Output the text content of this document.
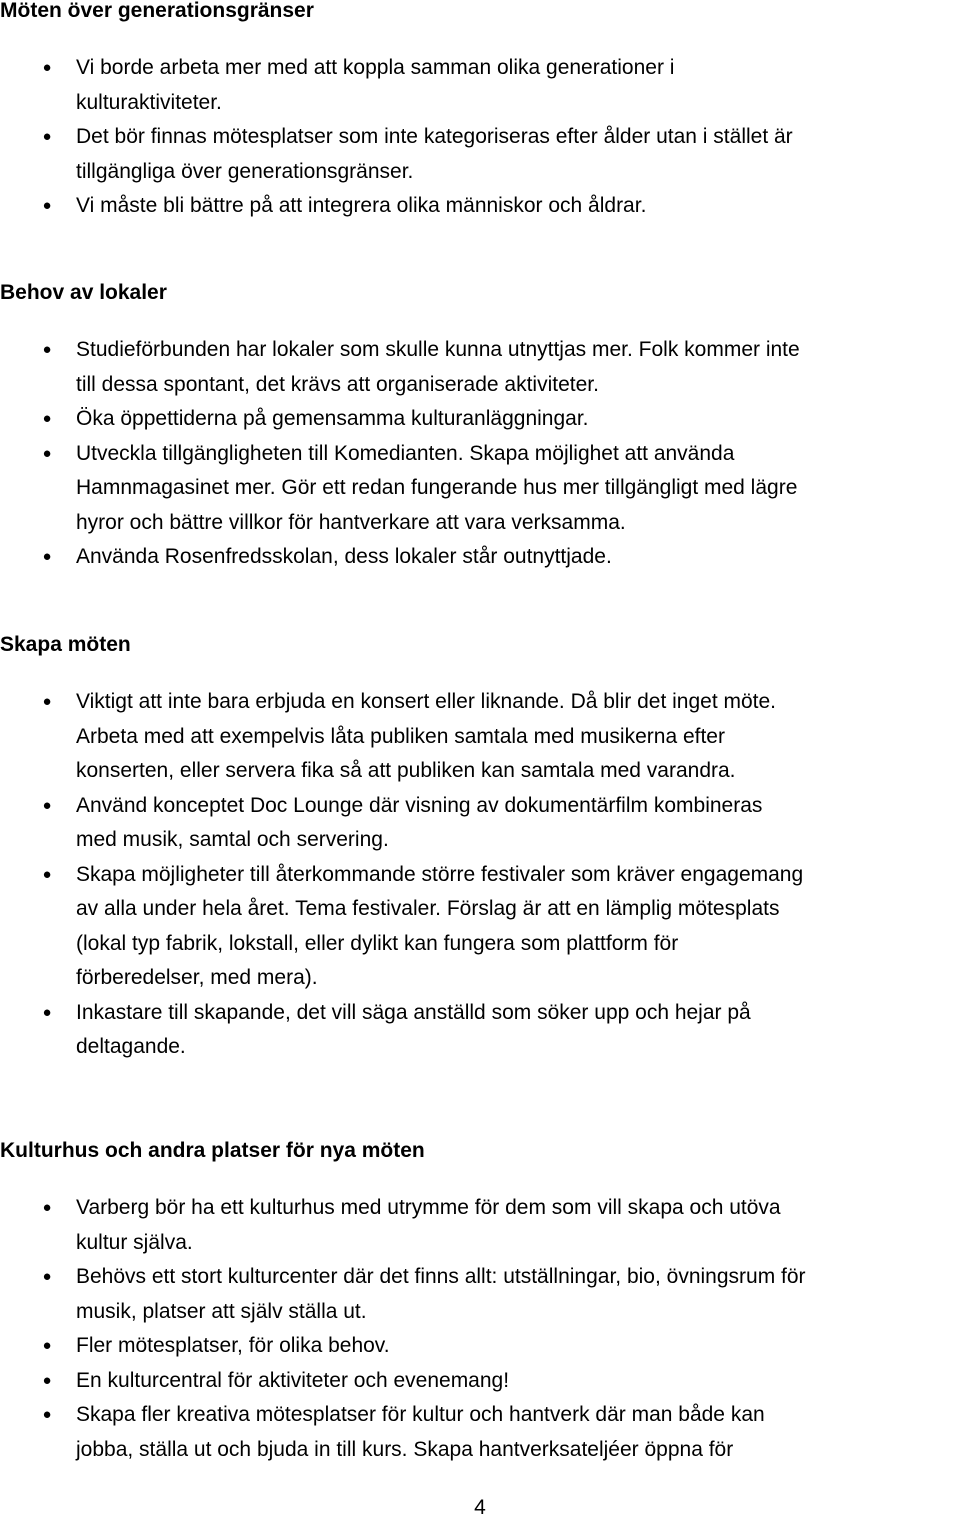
Möten över generationsgränser
● Vi borde arbeta mer med att koppla samman olika generationer i
kulturaktiviteter.
● Det bör finnas mötesplatser som inte kategoriseras efter ålder utan i stället är
tillgängliga över generationsgränser.
● Vi måste bli bättre på att integrera olika människor och åldrar.
Behov av lokaler
● Studieförbunden har lokaler som skulle kunna utnyttjas mer. Folk kommer inte
till dessa spontant, det krävs att organiserade aktiviteter.
● Öka öppettiderna på gemensamma kulturanläggningar.
● Utveckla tillgängligheten till Komedianten. Skapa möjlighet att använda
Hamnmagasinet mer. Gör ett redan fungerande hus mer tillgängligt med lägre
hyror och bättre villkor för hantverkare att vara verksamma.
● Använda Rosenfredsskolan, dess lokaler står outnyttjade.
Skapa möten
● Viktigt att inte bara erbjuda en konsert eller liknande. Då blir det inget möte.
Arbeta med att exempelvis låta publiken samtala med musikerna efter
konserten, eller servera fika så att publiken kan samtala med varandra.
● Använd konceptet Doc Lounge där visning av dokumentärfilm kombineras
med musik, samtal och servering.
● Skapa möjligheter till återkommande större festivaler som kräver engagemang
av alla under hela året. Tema festivaler. Förslag är att en lämplig mötesplats
(lokal typ fabrik, lokstall, eller dylikt kan fungera som plattform för
förberedelser, med mera).
● Inkastare till skapande, det vill säga anställd som söker upp och hejar på
deltagande.
Kulturhus och andra platser för nya möten
● Varberg bör ha ett kulturhus med utrymme för dem som vill skapa och utöva
kultur själva.
● Behövs ett stort kulturcenter där det finns allt: utställningar, bio, övningsrum för
musik, platser att själv ställa ut.
● Fler mötesplatser, för olika behov.
● En kulturcentral för aktiviteter och evenemang!
● Skapa fler kreativa mötesplatser för kultur och hantverk där man både kan
jobba, ställa ut och bjuda in till kurs. Skapa hantverksateljéer öppna för
4
